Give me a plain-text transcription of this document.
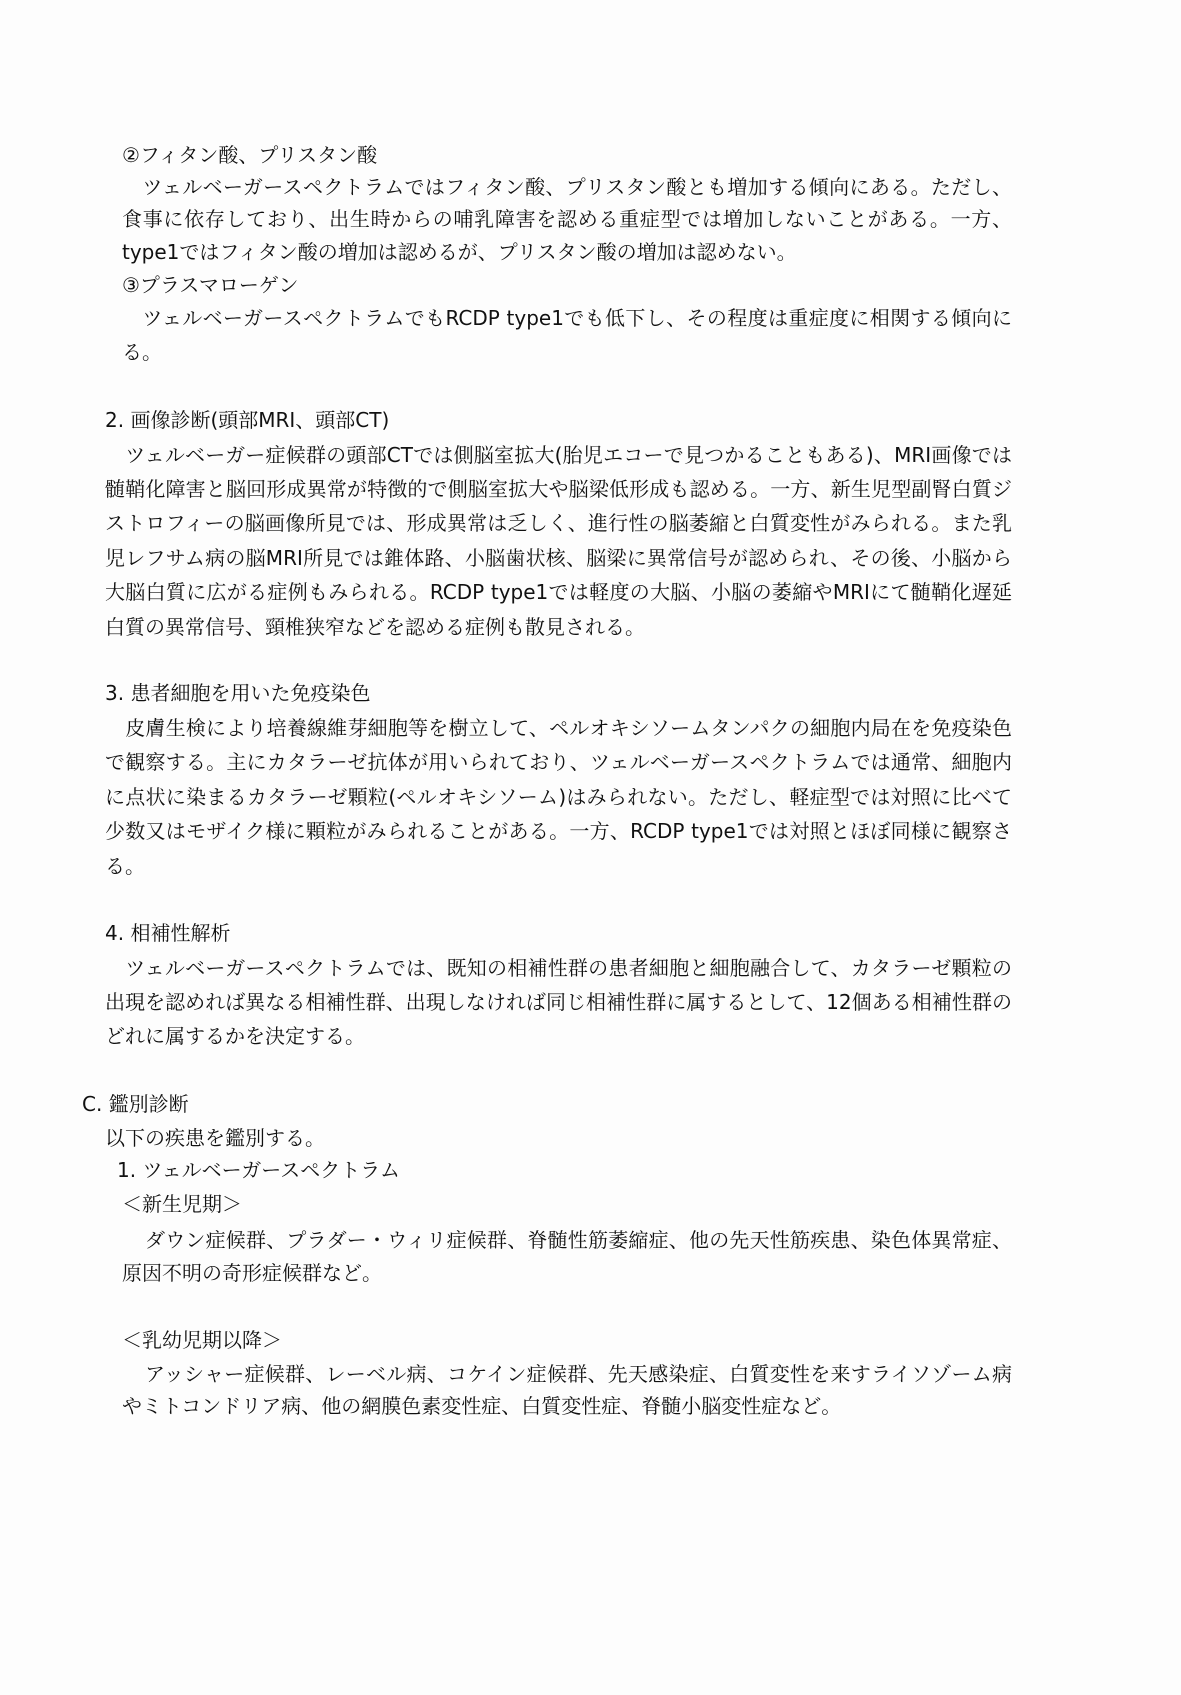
②フィタン酸、プリスタン酸
　ツェルベーガースペクトラムではフィタン酸、プリスタン酸とも増加する傾向にある。ただし、
食事に依存しており、出生時からの哺乳障害を認める重症型では増加しないことがある。一方、
type1ではフィタン酸の増加は認めるが、プリスタン酸の増加は認めない。
③プラスマローゲン
　ツェルベーガースペクトラムでもRCDP type1でも低下し、その程度は重症度に相関する傾向に
る。
2. 画像診断(頭部MRI、頭部CT)
　ツェルベーガー症候群の頭部CTでは側脳室拡大(胎児エコーで見つかることもある)、MRI画像では
髄鞘化障害と脳回形成異常が特徴的で側脳室拡大や脳梁低形成も認める。一方、新生児型副腎白質ジ
ストロフィーの脳画像所見では、形成異常は乏しく、進行性の脳萎縮と白質変性がみられる。また乳
児レフサム病の脳MRI所見では錐体路、小脳歯状核、脳梁に異常信号が認められ、その後、小脳から
大脳白質に広がる症例もみられる。RCDP type1では軽度の大脳、小脳の萎縮やMRIにて髄鞘化遅延
白質の異常信号、頸椎狭窄などを認める症例も散見される。
3. 患者細胞を用いた免疫染色
　皮膚生検により培養線維芽細胞等を樹立して、ペルオキシソームタンパクの細胞内局在を免疫染色
で観察する。主にカタラーゼ抗体が用いられており、ツェルベーガースペクトラムでは通常、細胞内
に点状に染まるカタラーゼ顆粒(ペルオキシソーム)はみられない。ただし、軽症型では対照に比べて
少数又はモザイク様に顆粒がみられることがある。一方、RCDP type1では対照とほぼ同様に観察さ
る。
4. 相補性解析
　ツェルベーガースペクトラムでは、既知の相補性群の患者細胞と細胞融合して、カタラーゼ顆粒の
出現を認めれば異なる相補性群、出現しなければ同じ相補性群に属するとして、12個ある相補性群の
どれに属するかを決定する。
C. 鑑別診断
以下の疾患を鑑別する。
1. ツェルベーガースペクトラム
＜新生児期＞
ダウン症候群、プラダー・ウィリ症候群、脊髄性筋萎縮症、他の先天性筋疾患、染色体異常症、
原因不明の奇形症候群など。
＜乳幼児期以降＞
アッシャー症候群、レーベル病、コケイン症候群、先天感染症、白質変性を来すライソゾーム病
やミトコンドリア病、他の網膜色素変性症、白質変性症、脊髄小脳変性症など。
